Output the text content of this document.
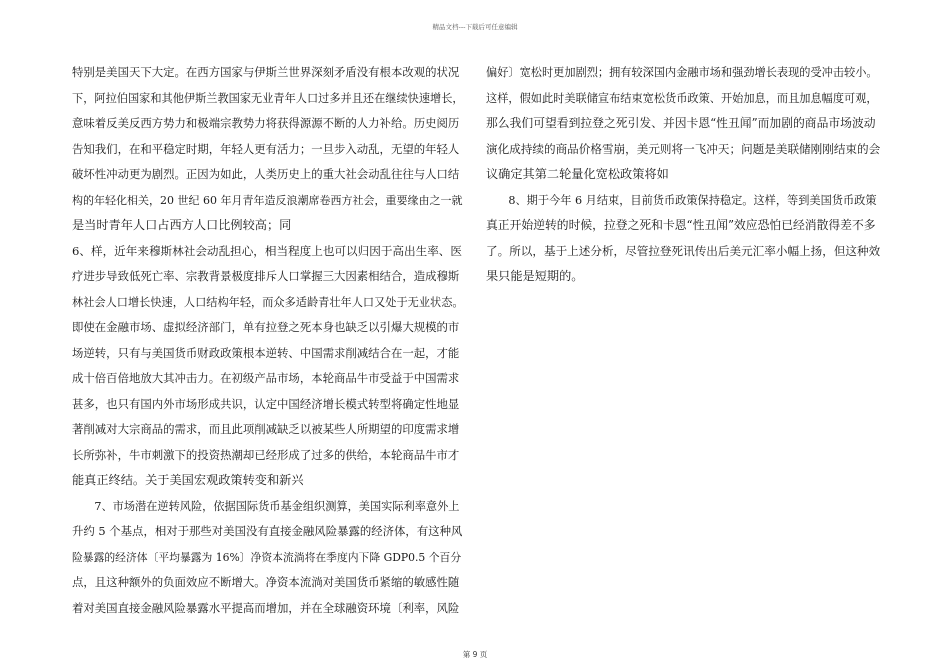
精品文档---下载后可任意编辑
特别是美国天下大定。在西方国家与伊斯兰世界深刻矛盾没有根本改观的状况
下，阿拉伯国家和其他伊斯兰教国家无业青年人口过多并且还在继续快速增长，
意味着反美反西方势力和极端宗教势力将获得源源不断的人力补给。历史阅历
告知我们，在和平稳定时期，年轻人更有活力；一旦步入动乱，无望的年轻人
破坏性冲动更为剧烈。正因为如此，人类历史上的重大社会动乱往往与人口结
构的年轻化相关，20 世纪 60 年月青年造反浪潮席卷西方社会，重要缘由之一就
是当时青年人口占西方人口比例较高；同
6、样，近年来穆斯林社会动乱担心，相当程度上也可以归因于高出生率、医
疗进步导致低死亡率、宗教背景极度排斥人口掌握三大因素相结合，造成穆斯
林社会人口增长快速，人口结构年轻，而众多适龄青壮年人口又处于无业状态。
即使在金融市场、虚拟经济部门，单有拉登之死本身也缺乏以引爆大规模的市
场逆转，只有与美国货币财政政策根本逆转、中国需求削减结合在一起，才能
成十倍百倍地放大其冲击力。在初级产品市场，本轮商品牛市受益于中国需求
甚多，也只有国内外市场形成共识，认定中国经济增长模式转型将确定性地显
著削减对大宗商品的需求，而且此项削减缺乏以被某些人所期望的印度需求增
长所弥补，牛市刺激下的投资热潮却已经形成了过多的供给，本轮商品牛市才
能真正终结。关于美国宏观政策转变和新兴
　　7、市场潜在逆转风险，依据国际货币基金组织测算，美国实际利率意外上
升约 5 个基点，相对于那些对美国没有直接金融风险暴露的经济体，有这种风
险暴露的经济体〔平均暴露为 16%〕净资本流淌将在季度内下降 GDP0.5 个百分
点，且这种额外的负面效应不断增大。净资本流淌对美国货币紧缩的敏感性随
着对美国直接金融风险暴露水平提高而增加，并在全球融资环境〔利率，风险
偏好〕宽松时更加剧烈；拥有较深国内金融市场和强劲增长表现的受冲击较小。
这样，假如此时美联储宣布结束宽松货币政策、开始加息，而且加息幅度可观，
那么我们可望看到拉登之死引发、并因卡恩“性丑闻”而加剧的商品市场波动
演化成持续的商品价格雪崩，美元则将一飞冲天；问题是美联储刚刚结束的会
议确定其第二轮量化宽松政策将如
　　8、期于今年 6 月结束，目前货币政策保持稳定。这样，等到美国货币政策
真正开始逆转的时候，拉登之死和卡恩“性丑闻”效应恐怕已经消散得差不多
了。所以，基于上述分析，尽管拉登死讯传出后美元汇率小幅上扬，但这种效
果只能是短期的。
第 9 页
